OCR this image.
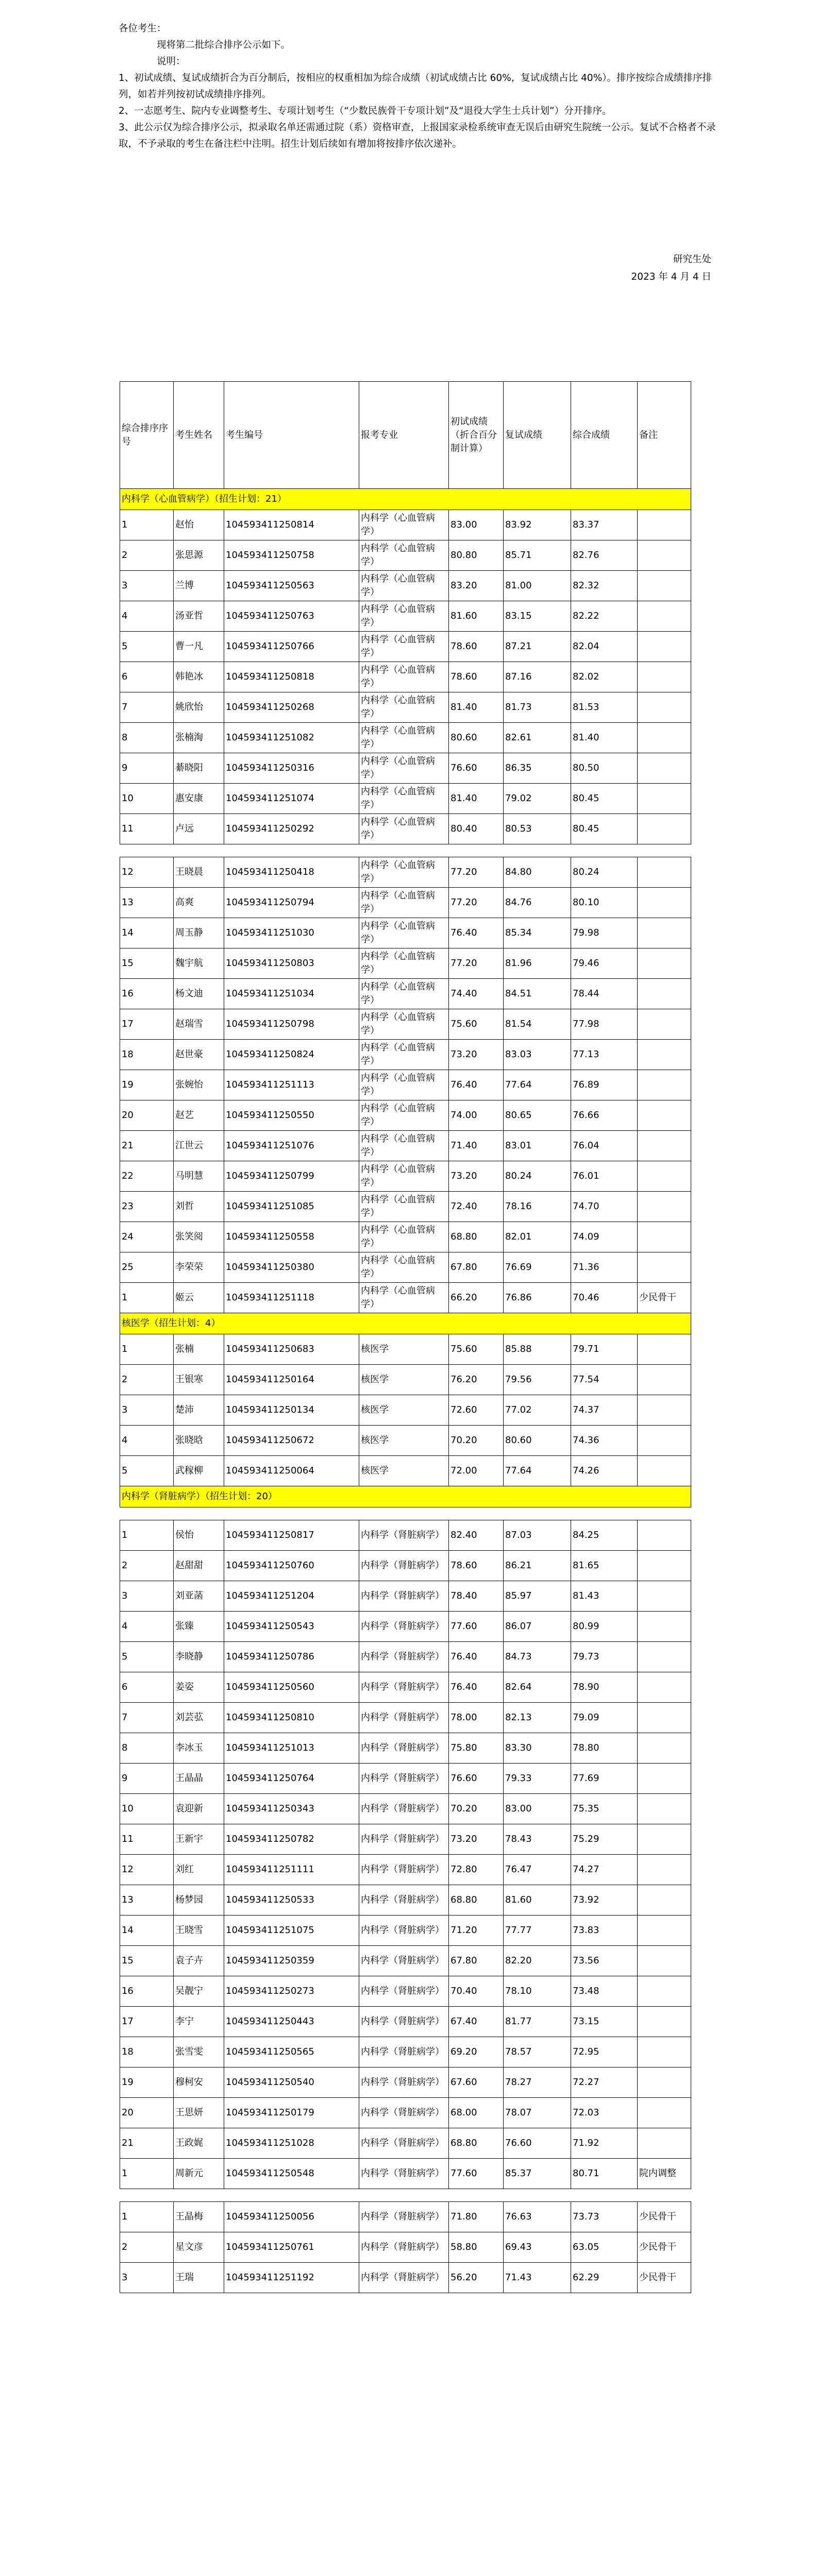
各位考生：

现将第二批综合排序公示如下。

说明：

1、初试成绩、复试成绩折合为百分制后，按相应的权重相加为综合成绩（初试成绩占比 60%，复试成绩占比 40%）。排序按综合成绩排序排列，如若并列按初试成绩排序排列。

2、一志愿考生、院内专业调整考生、专项计划考生（“少数民族骨干专项计划”及“退役大学生士兵计划”）分开排序。

3、此公示仅为综合排序公示，拟录取名单还需通过院（系）资格审查，上报国家录检系统审查无误后由研究生院统一公示。复试不合格者不录取，不予录取的考生在备注栏中注明。招生计划后续如有增加将按排序依次递补。

研究生处
2023 年 4 月 4 日
综合排序序号	考生姓名	考生编号	报考专业	初试成绩（折合百分制计算）	复试成绩	综合成绩	备注
内科学（心血管病学）（招生计划：21）							
1	赵怡	104593411250814	内科学（心血管病学）	83.00	83.92	83.37	
2	张思源	104593411250758	内科学（心血管病学）	80.80	85.71	82.76	
3	兰博	104593411250563	内科学（心血管病学）	83.20	81.00	82.32	
4	汤亚哲	104593411250763	内科学（心血管病学）	81.60	83.15	82.22	
5	曹一凡	104593411250766	内科学（心血管病学）	78.60	87.21	82.04	
6	韩艳冰	104593411250818	内科学（心血管病学）	78.60	87.16	82.02	
7	姚欣怡	104593411250268	内科学（心血管病学）	81.40	81.73	81.53	
8	张楠淘	104593411251082	内科学（心血管病学）	80.60	82.61	81.40	
9	綦晓阳	104593411250316	内科学（心血管病学）	76.60	86.35	80.50	
10	惠安康	104593411251074	内科学（心血管病学）	81.40	79.02	80.45	
11	卢远	104593411250292	内科学（心血管病学）	80.40	80.53	80.45	

12	王晓晨	104593411250418	内科学（心血管病学）	77.20	84.80	80.24	
13	高爽	104593411250794	内科学（心血管病学）	77.20	84.76	80.10	
14	周玉静	104593411251030	内科学（心血管病学）	76.40	85.34	79.98	
15	魏宇航	104593411250803	内科学（心血管病学）	77.20	81.96	79.46	
16	杨文迪	104593411251034	内科学（心血管病学）	74.40	84.51	78.44	
17	赵瑞雪	104593411250798	内科学（心血管病学）	75.60	81.54	77.98	
18	赵世豪	104593411250824	内科学（心血管病学）	73.20	83.03	77.13	
19	张婉怡	104593411251113	内科学（心血管病学）	76.40	77.64	76.89	
20	赵艺	104593411250550	内科学（心血管病学）	74.00	80.65	76.66	
21	江世云	104593411251076	内科学（心血管病学）	71.40	83.01	76.04	
22	马明慧	104593411250799	内科学（心血管病学）	73.20	80.24	76.01	
23	刘哲	104593411251085	内科学（心血管病学）	72.40	78.16	74.70	
24	张笑阅	104593411250558	内科学（心血管病学）	68.80	82.01	74.09	
25	李荣荣	104593411250380	内科学（心血管病学）	67.80	76.69	71.36	
1	姬云	104593411251118	内科学（心血管病学）	66.20	76.86	70.46	少民骨干
核医学（招生计划：4）							
1	张楠	104593411250683	核医学	75.60	85.88	79.71	
2	王银寒	104593411250164	核医学	76.20	79.56	77.54	
3	楚沛	104593411250134	核医学	72.60	77.02	74.37	
4	张晓晗	104593411250672	核医学	70.20	80.60	74.36	
5	武稼柳	104593411250064	核医学	72.00	77.64	74.26	
内科学（肾脏病学）（招生计划：20）							

1	侯怡	104593411250817	内科学（肾脏病学）	82.40	87.03	84.25	
2	赵甜甜	104593411250760	内科学（肾脏病学）	78.60	86.21	81.65	
3	刘亚菡	104593411251204	内科学（肾脏病学）	78.40	85.97	81.43	
4	张臻	104593411250543	内科学（肾脏病学）	77.60	86.07	80.99	
5	李晓静	104593411250786	内科学（肾脏病学）	76.40	84.73	79.73	
6	姜姿	104593411250560	内科学（肾脏病学）	76.40	82.64	78.90	
7	刘芸苰	104593411250810	内科学（肾脏病学）	78.00	82.13	79.09	
8	李冰玉	104593411251013	内科学（肾脏病学）	75.80	83.30	78.80	
9	王晶晶	104593411250764	内科学（肾脏病学）	76.60	79.33	77.69	
10	袁迎新	104593411250343	内科学（肾脏病学）	70.20	83.00	75.35	
11	王新宇	104593411250782	内科学（肾脏病学）	73.20	78.43	75.29	
12	刘红	104593411251111	内科学（肾脏病学）	72.80	76.47	74.27	
13	杨梦园	104593411250533	内科学（肾脏病学）	68.80	81.60	73.92	
14	王晓雪	104593411251075	内科学（肾脏病学）	71.20	77.77	73.83	
15	袁子卉	104593411250359	内科学（肾脏病学）	67.80	82.20	73.56	
16	吴靓宁	104593411250273	内科学（肾脏病学）	70.40	78.10	73.48	
17	李宁	104593411250443	内科学（肾脏病学）	67.40	81.77	73.15	
18	张雪雯	104593411250565	内科学（肾脏病学）	69.20	78.57	72.95	
19	穆柯安	104593411250540	内科学（肾脏病学）	67.60	78.27	72.27	
20	王思妍	104593411250179	内科学（肾脏病学）	68.00	78.07	72.03	
21	王政娓	104593411251028	内科学（肾脏病学）	68.80	76.60	71.92	
1	周新元	104593411250548	内科学（肾脏病学）	77.60	85.37	80.71	院内调整

1	王晶梅	104593411250056	内科学（肾脏病学）	71.80	76.63	73.73	少民骨干
2	星文彦	104593411250761	内科学（肾脏病学）	58.80	69.43	63.05	少民骨干
3	王瑞	104593411251192	内科学（肾脏病学）	56.20	71.43	62.29	少民骨干
